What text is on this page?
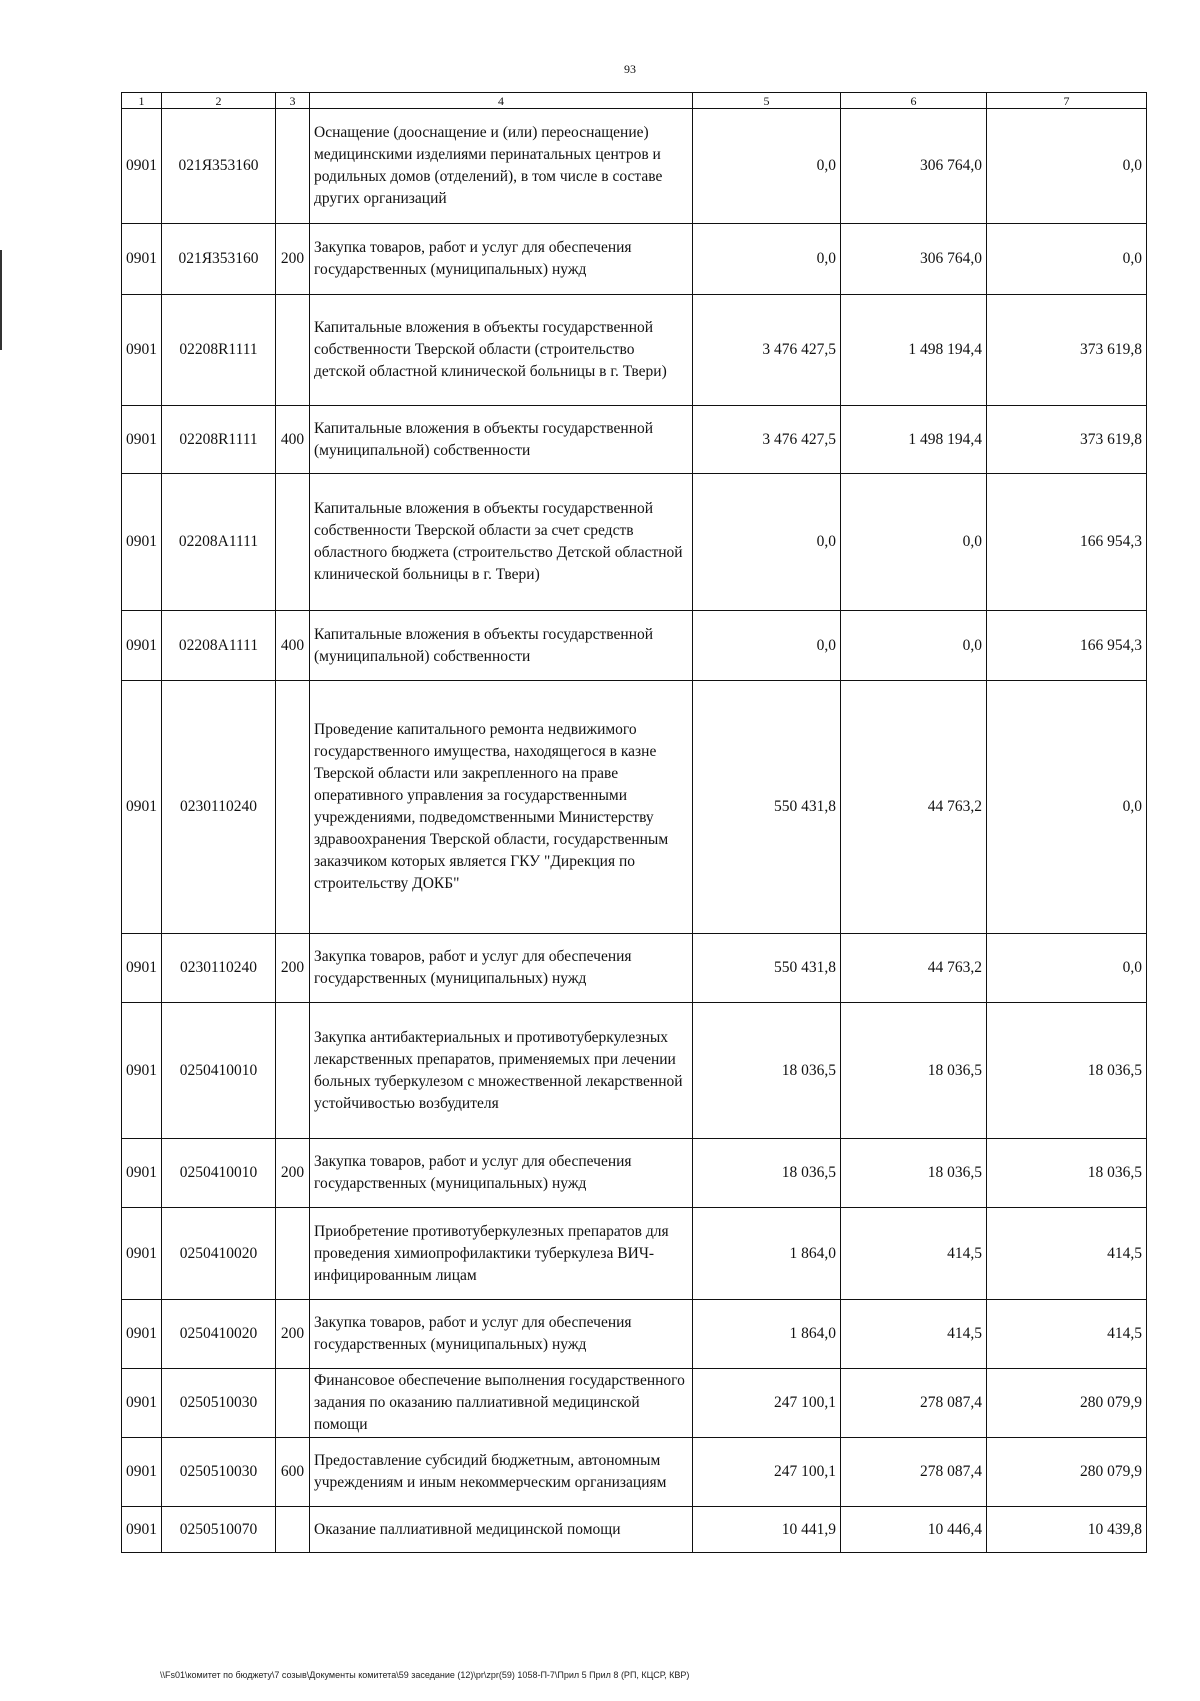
93
1	2	3	4	5	6	7
0901	021Я353160		Оснащение (дооснащение и (или) переоснащение) медицинскими изделиями перинатальных центров и родильных домов (отделений), в том числе в составе других организаций	0,0	306 764,0	0,0
0901	021Я353160	200	Закупка товаров, работ и услуг для обеспечения государственных (муниципальных) нужд	0,0	306 764,0	0,0
0901	02208R1111		Капитальные вложения в объекты государственной собственности Тверской области (строительство детской областной клинической больницы в г. Твери)	3 476 427,5	1 498 194,4	373 619,8
0901	02208R1111	400	Капитальные вложения в объекты государственной (муниципальной) собственности	3 476 427,5	1 498 194,4	373 619,8
0901	02208A1111		Капитальные вложения в объекты государственной собственности Тверской области за счет средств областного бюджета (строительство Детской областной клинической больницы в г. Твери)	0,0	0,0	166 954,3
0901	02208A1111	400	Капитальные вложения в объекты государственной (муниципальной) собственности	0,0	0,0	166 954,3
0901	0230110240		Проведение капитального ремонта недвижимого государственного имущества, находящегося в казне Тверской области или закрепленного на праве оперативного управления за государственными учреждениями, подведомственными Министерству здравоохранения Тверской области, государственным заказчиком которых является ГКУ "Дирекция по строительству ДОКБ"	550 431,8	44 763,2	0,0
0901	0230110240	200	Закупка товаров, работ и услуг для обеспечения государственных (муниципальных) нужд	550 431,8	44 763,2	0,0
0901	0250410010		Закупка антибактериальных и противотуберкулезных лекарственных препаратов, применяемых при лечении больных туберкулезом с множественной лекарственной устойчивостью возбудителя	18 036,5	18 036,5	18 036,5
0901	0250410010	200	Закупка товаров, работ и услуг для обеспечения государственных (муниципальных) нужд	18 036,5	18 036,5	18 036,5
0901	0250410020		Приобретение противотуберкулезных препаратов для проведения химиопрофилактики туберкулеза ВИЧ-инфицированным лицам	1 864,0	414,5	414,5
0901	0250410020	200	Закупка товаров, работ и услуг для обеспечения государственных (муниципальных) нужд	1 864,0	414,5	414,5
0901	0250510030		Финансовое обеспечение выполнения государственного задания по оказанию паллиативной медицинской помощи	247 100,1	278 087,4	280 079,9
0901	0250510030	600	Предоставление субсидий бюджетным, автономным учреждениям и иным некоммерческим организациям	247 100,1	278 087,4	280 079,9
0901	0250510070		Оказание паллиативной медицинской помощи	10 441,9	10 446,4	10 439,8
\\Fs01\комитет по бюджету\7 созыв\Документы комитета\59 заседание (12)\pr\zpr(59) 1058-П-7\Прил 5 Прил 8 (РП, КЦСР, КВР)
